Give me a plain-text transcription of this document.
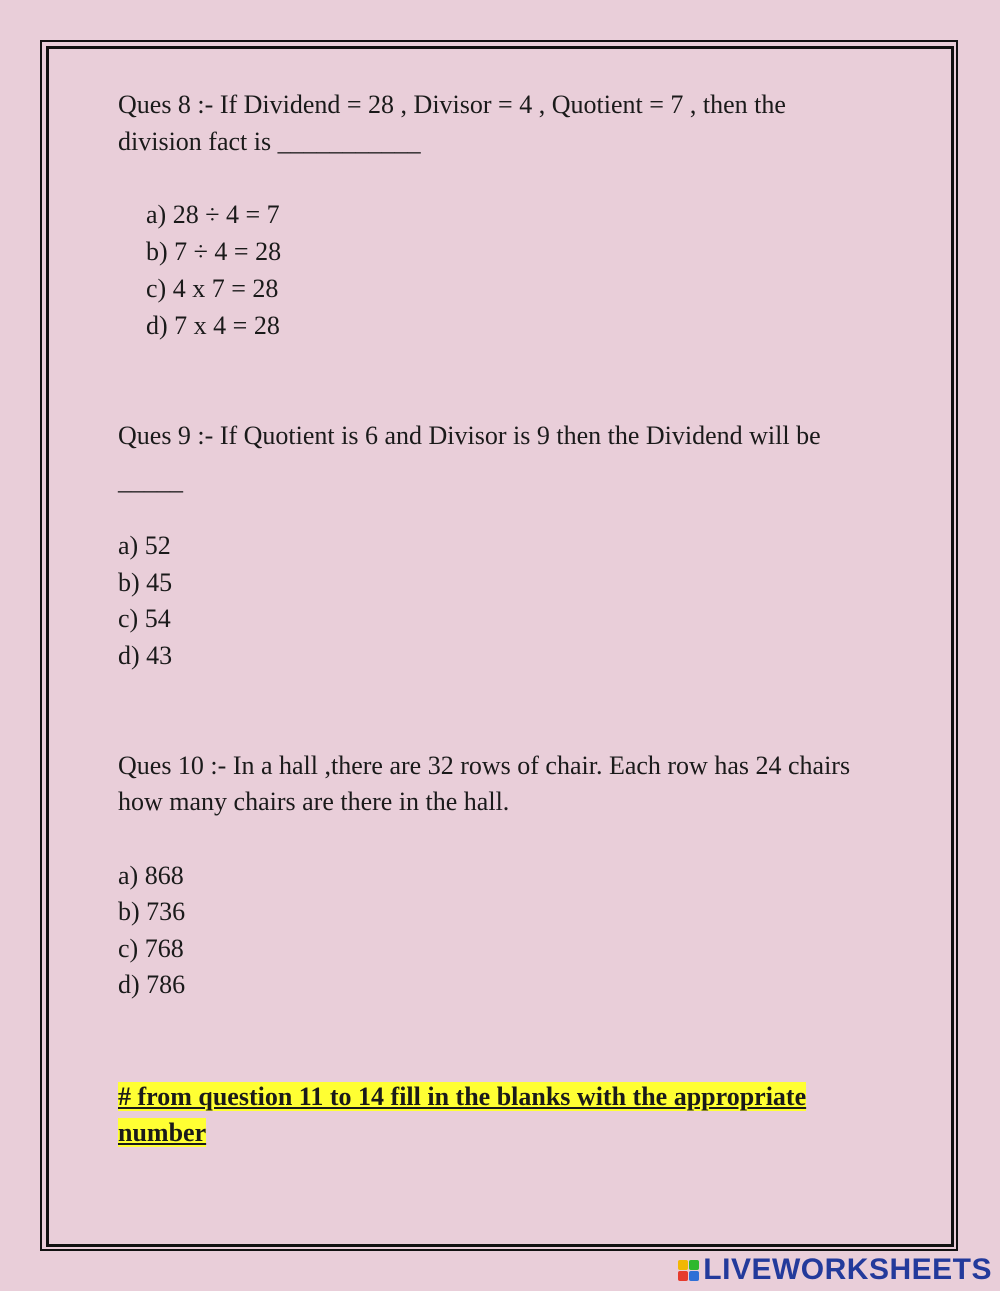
Ques 8 :- If Dividend = 28 , Divisor = 4 , Quotient = 7 , then the
division fact is ___________
a) 28 ÷ 4 = 7
b) 7 ÷ 4 = 28
c) 4 x 7 = 28
d) 7 x 4 = 28
Ques 9 :- If Quotient is 6 and Divisor is 9 then the Dividend will be
_____
a) 52
b) 45
c) 54
d) 43
Ques 10 :- In a hall ,there are 32 rows of chair. Each row has 24 chairs
how many chairs are there in the hall.
a) 868
b) 736
c) 768
d) 786
# from question 11 to 14 fill in the blanks with the appropriate
number
LIVEWORKSHEETS
